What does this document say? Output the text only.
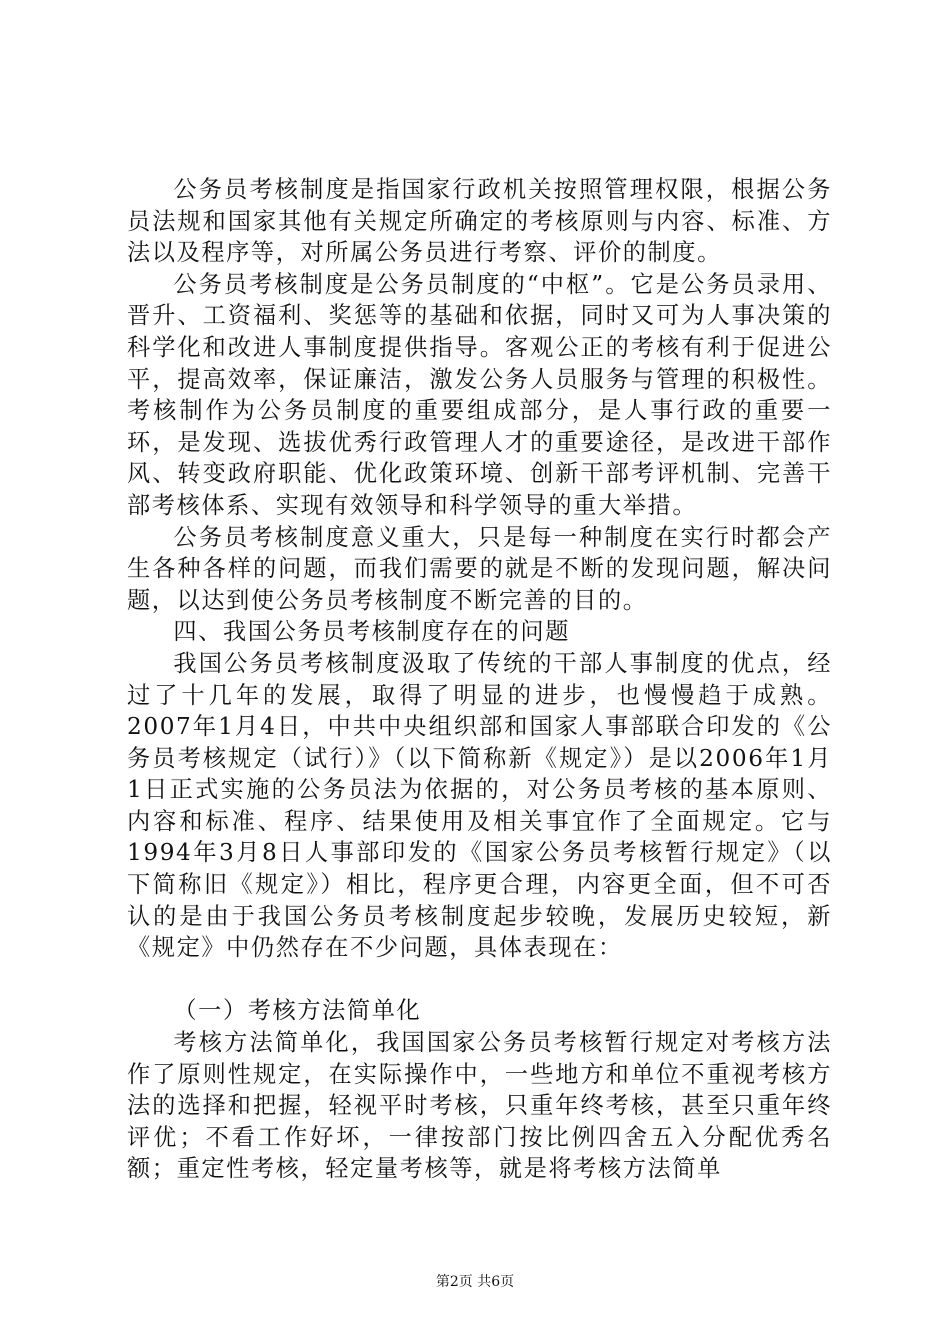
公务员考核制度是指国家行政机关按照管理权限，根据公务员法规和国家其他有关规定所确定的考核原则与内容、标准、方法以及程序等，对所属公务员进行考察、评价的制度。

公务员考核制度是公务员制度的“中枢”。它是公务员录用、晋升、工资福利、奖惩等的基础和依据，同时又可为人事决策的科学化和改进人事制度提供指导。客观公正的考核有利于促进公平，提高效率，保证廉洁，激发公务人员服务与管理的积极性。考核制作为公务员制度的重要组成部分，是人事行政的重要一环，是发现、选拔优秀行政管理人才的重要途径，是改进干部作风、转变政府职能、优化政策环境、创新干部考评机制、完善干部考核体系、实现有效领导和科学领导的重大举措。

公务员考核制度意义重大，只是每一种制度在实行时都会产生各种各样的问题，而我们需要的就是不断的发现问题，解决问题，以达到使公务员考核制度不断完善的目的。

四、我国公务员考核制度存在的问题

我国公务员考核制度汲取了传统的干部人事制度的优点，经过了十几年的发展，取得了明显的进步，也慢慢趋于成熟。2007年1月4日，中共中央组织部和国家人事部联合印发的《公务员考核规定（试行）》（以下简称新《规定》）是以2006年1月1日正式实施的公务员法为依据的，对公务员考核的基本原则、内容和标准、程序、结果使用及相关事宜作了全面规定。它与1994年3月8日人事部印发的《国家公务员考核暂行规定》（以下简称旧《规定》）相比，程序更合理，内容更全面，但不可否认的是由于我国公务员考核制度起步较晚，发展历史较短，新《规定》中仍然存在不少问题，具体表现在：

（一）考核方法简单化

考核方法简单化，我国国家公务员考核暂行规定对考核方法作了原则性规定，在实际操作中，一些地方和单位不重视考核方法的选择和把握，轻视平时考核，只重年终考核，甚至只重年终评优；不看工作好坏，一律按部门按比例四舍五入分配优秀名额；重定性考核，轻定量考核等，就是将考核方法简单

第2页 共6页
